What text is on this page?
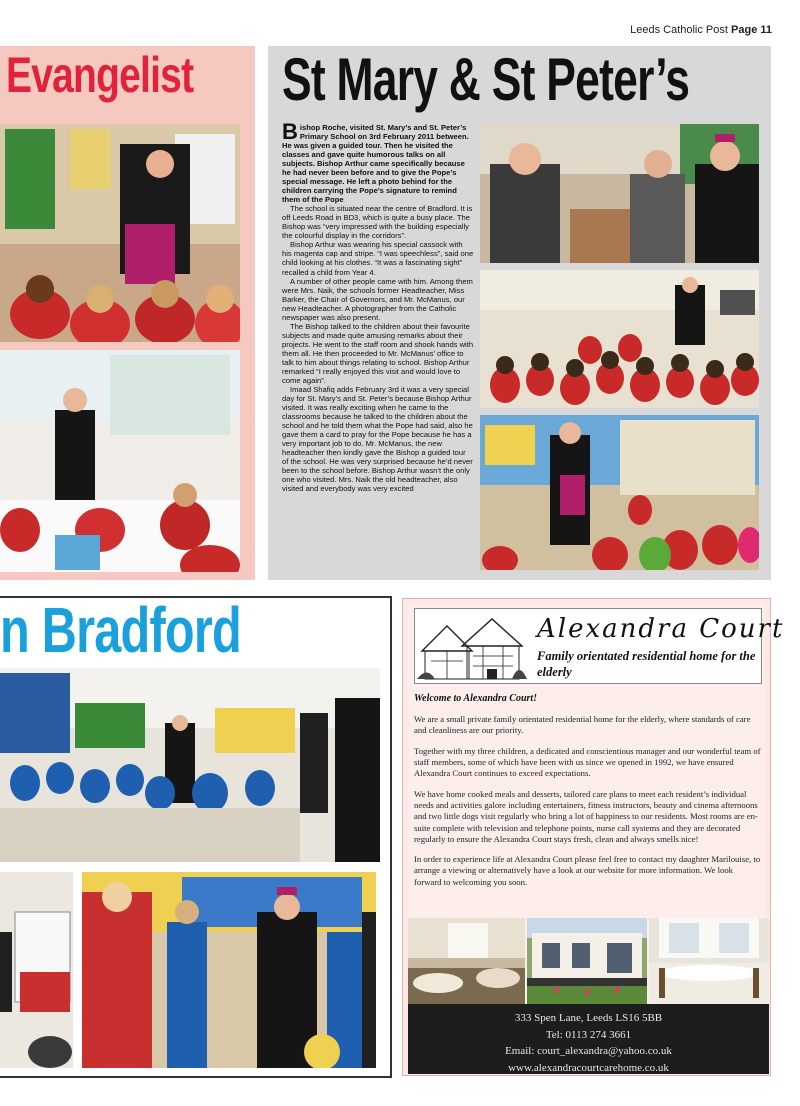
Leeds Catholic Post Page 11
Evangelist St Mary & St Peter’s

Bishop Roche, visited St. Mary’s and St. Peter’s Primary School on 3rd February 2011 between. He was given a guided tour. Then he visited the classes and gave quite humorous talks on all subjects. Bishop Arthur came specifically because he had never been before and to give the Pope’s special message. He left a photo behind for the children carrying the Pope’s signature to remind them of the Pope

The school is situated near the centre of Bradford. It is off Leeds Road in BD3, which is quite a busy place. The Bishop was “very impressed with the building especially the colourful display in the corridors”.

Bishop Arthur was wearing his special cassock with his magenta cap and stripe. “I was speechless”, said one child looking at his clothes. “It was a fascinating sight” recalled a child from Year 4.

A number of other people came with him. Among them were Mrs. Naik, the schools former Headteacher, Miss Barker, the Chair of Governors, and Mr. McManus, our new Headteacher. A photographer from the Catholic newspaper was also present.

The Bishop talked to the children about their favourite subjects and made quite amusing remarks about their projects. He went to the staff room and shook hands with them all. He then proceeded to Mr. McManus’ office to talk to him about things relating to school. Bishop Arthur remarked “I really enjoyed this visit and would love to come again”.

Imaad Shafiq adds February 3rd it was a very special day for St. Mary’s and St. Peter’s because Bishop Arthur visited. It was really exciting when he came to the classrooms because he talked to the children about the school and he told them what the Pope had said, also he gave them a card to pray for the Pope because he has a very important job to do. Mr. McManus, the new headteacher then kindly gave the Bishop a guided tour of the school. He was very surprised because he’d never been to the school before. Bishop Arthur wasn’t the only one who visited. Mrs. Naik the old headteacher, also visited and everybody was very excited

n Bradford	Alexandra Court
Family orientated residential home for the elderly
Welcome to Alexandra Court!

We are a small private family orientated residential home for the elderly, where standards of care and cleanliness are our priority.

Together with my three children, a dedicated and conscientious manager and our wonderful team of staff members, some of which have been with us since we opened in 1992, we have ensured Alexandra Court continues to exceed expectations.

We have home cooked meals and desserts, tailored care plans to meet each resident’s individual needs and activities galore including entertainers, fitness instructors, beauty and cinema afternoons and two little dogs visit regularly who bring a lot of happiness to our residents. Most rooms are en-suite complete with television and telephone points, nurse call systems and they are decorated regularly to ensure the Alexandra Court stays fresh, clean and always smells nice!

In order to experience life at Alexandra Court please feel free to contact my daughter Marilouise, to arrange a viewing or alternatively have a look at our website for more information. We look forward to welcoming you soon.

333 Spen Lane, Leeds LS16 5BB
Tel: 0113 274 3661
Email: court_alexandra@yahoo.co.uk
www.alexandracourtcarehome.co.uk
